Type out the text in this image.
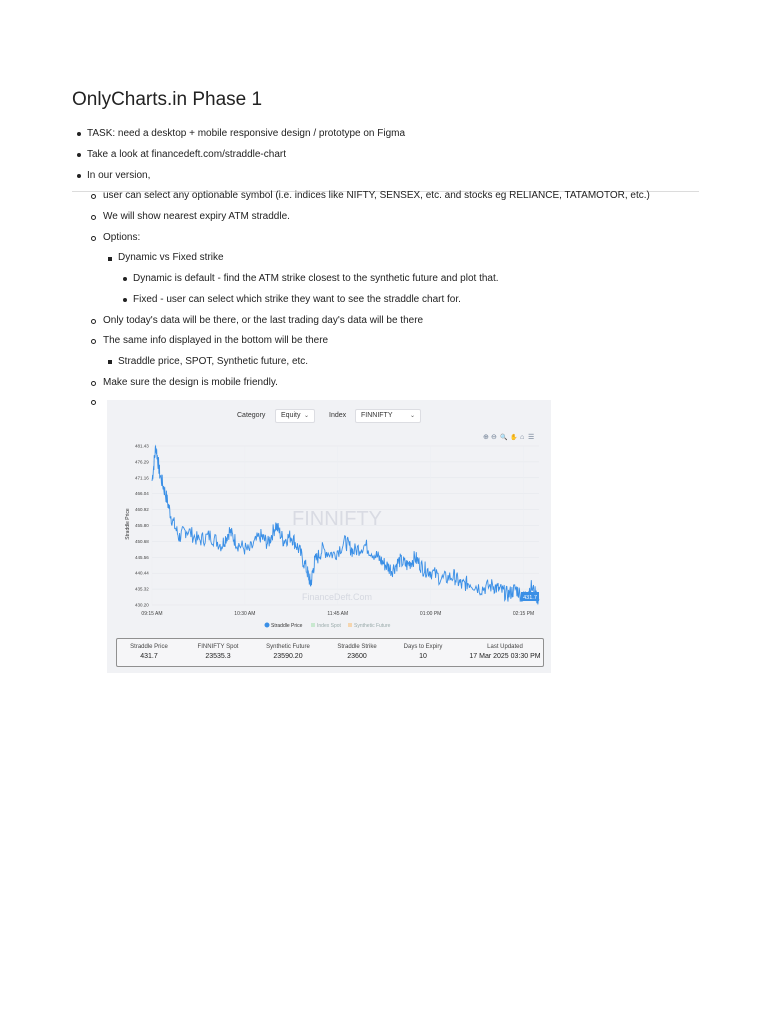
OnlyCharts.in Phase 1
TASK: need a desktop + mobile responsive design / prototype on Figma
Take a look at financedeft.com/straddle-chart
In our version,
user can select any optionable symbol (i.e. indices like NIFTY, SENSEX, etc. and stocks eg RELIANCE, TATAMOTOR, etc.)
We will show nearest expiry ATM straddle.
Options:
Dynamic vs Fixed strike
Dynamic is default - find the ATM strike closest to the synthetic future and plot that.
Fixed - user can select which strike they want to see the straddle chart for.
Only today's data will be there, or the last trading day's data will be there
The same info displayed in the bottom will be there
Straddle price, SPOT, Synthetic future, etc.
Make sure the design is mobile friendly.
Category	Equity ⌄	Index	FINNIFTY	⌄
⊕ ⊖ 🔍 ✋ ⌂ ☰
FINNIFTY
FinanceDeft.Com
Straddle Price
481.43
476.29
471.16
466.04
460.92
455.80
450.68
445.56
440.44
435.32
430.20
09:15 AM	10:30 AM	11:45 AM	01:00 PM	02:15 PM
431.7
Straddle Price	Index Spot	Synthetic Future
Straddle Price
431.7
FINNIFTY Spot
23535.3
Synthetic Future
23590.20
Straddle Strike
23600
Days to Expiry
10
Last Updated
17 Mar 2025 03:30 PM
